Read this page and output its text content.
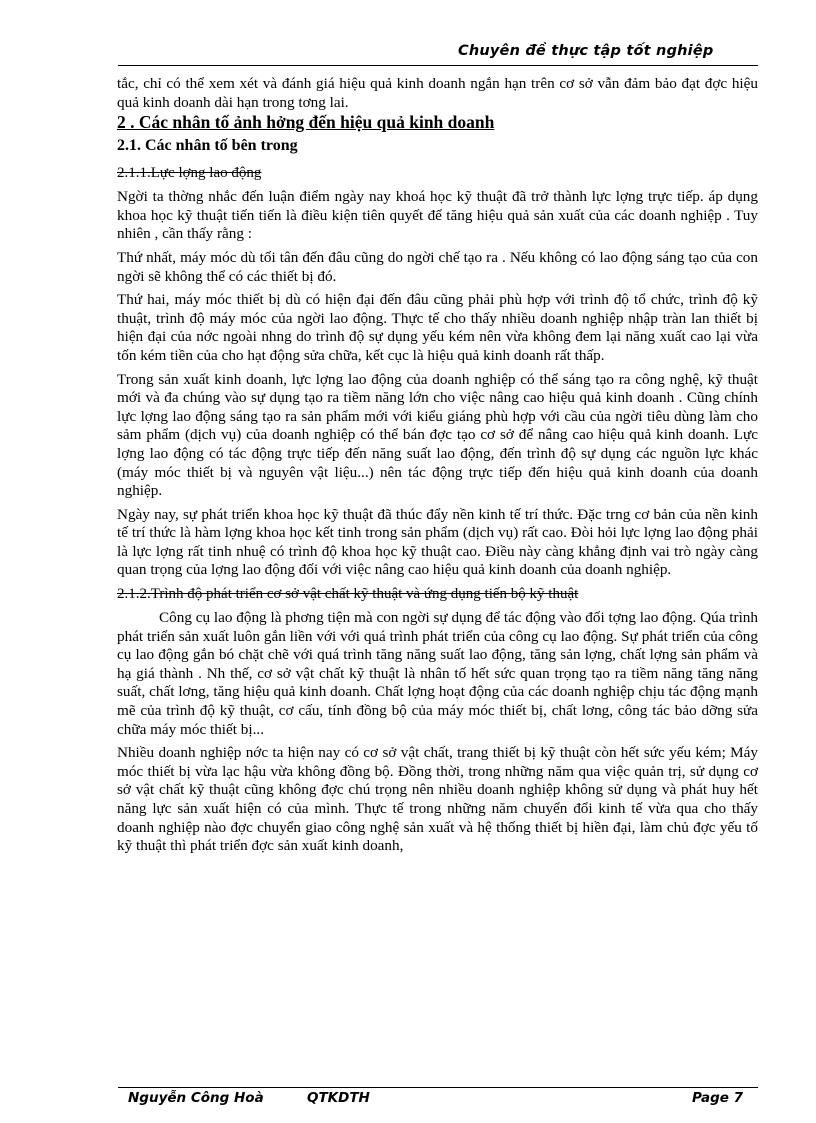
Chuyên đề thực tập tốt nghiệp

tắc, chỉ có thể xem xét và đánh giá hiệu quả kinh doanh ngắn hạn trên cơ sở vẫn đảm bảo đạt đợc hiệu quả kinh doanh dài hạn trong tơng lai.

2 . Các nhân tố ảnh hởng đến hiệu quả kinh doanh
2.1. Các nhân tố bên trong
2.1.1.Lực lợng lao động

Ngời ta thờng nhắc đến luận điểm ngày nay khoá học kỹ thuật đã trở thành lực lợng trực tiếp. áp dụng khoa học kỹ thuật tiến tiến là điều kiện tiên quyết để tăng hiệu quả sản xuất của các doanh nghiệp . Tuy nhiên , cần thấy rằng :

Thứ nhất, máy móc dù tối tân đến đâu cũng do ngời chế tạo ra . Nếu không có lao động sáng tạo của con ngời sẽ không thể có các thiết bị đó.

Thứ hai, máy móc thiết bị dù có hiện đại đến đâu cũng phải phù hợp với trình độ tổ chức, trình độ kỹ thuật, trình độ máy móc của ngời lao động. Thực tế cho thấy nhiều doanh nghiệp nhập tràn lan thiết bị hiện đại của nớc ngoài nhng do trình độ sự dụng yếu kém nên vừa không đem lại năng xuất cao lại vừa tốn kém tiền của cho hạt động sửa chữa, kết cục là hiệu quả kinh doanh rất thấp.

Trong sản xuất kinh doanh, lực lợng lao động của doanh nghiệp có thể sáng tạo ra công nghệ, kỹ thuật mới và đa chúng vào sự dụng tạo ra tiềm năng lớn cho việc nâng cao hiệu quả kinh doanh . Cũng chính lực lợng lao động sáng tạo ra sản phẩm mới với kiểu giáng phù hợp với cầu của ngời tiêu dùng làm cho sảm phẩm (dịch vụ) của doanh nghiệp có thể bán đợc tạo cơ sở để nâng cao hiệu quả kinh doanh. Lực lợng lao động có tác động trực tiếp đến năng suất lao động, đến trình độ sự dụng các nguồn lực khác (máy móc thiết bị và nguyên vật liệu...) nên tác động trực tiếp đến hiệu quả kinh doanh của doanh nghiệp.

Ngày nay, sự phát triển khoa học kỹ thuật đã thúc đẩy nền kinh tế trí thức. Đặc trng cơ bản của nền kinh tế trí thức là hàm lợng khoa học kết tinh trong sản phẩm (dịch vụ) rất cao. Đòi hỏi lực lợng lao động phải là lực lợng rất tinh nhuệ có trình độ khoa học kỹ thuật cao. Điều này càng khẳng định vai trò ngày càng quan trọng của lợng lao động đối với việc nâng cao hiệu quả kinh doanh của doanh nghiệp.

2.1.2.Trình độ phát triển cơ sở vật chất kỹ thuật và ứng dụng tiến bộ kỹ thuật

Công cụ lao động là phơng tiện mà con ngời sự dụng để tác động vào đối tợng lao động. Qúa trình phát triển sản xuất luôn gắn liền với với quá trình phát triển của công cụ lao động. Sự phát triển của công cụ lao động gắn bó chặt chẽ với quá trình tăng năng suất lao động, tăng sản lợng, chất lợng sản phẩm và hạ giá thành . Nh thế, cơ sở vật chất kỹ thuật là nhân tố hết sức quan trọng tạo ra tiềm năng tăng năng suất, chất lơng, tăng hiệu quả kinh doanh. Chất lợng hoạt động của các doanh nghiệp chịu tác động mạnh mẽ của trình độ kỹ thuật, cơ cấu, tính đồng bộ của máy móc thiết bị, chất lơng, công tác bảo dỡng sửa chữa máy móc thiết bị...

Nhiều doanh nghiệp nớc ta hiện nay có cơ sở vật chất, trang thiết bị kỹ thuật còn hết sức yếu kém; Máy móc thiết bị vừa lạc hậu vừa không đồng bộ. Đồng thời, trong những năm qua việc quản trị, sử dụng cơ sở vật chất kỹ thuật cũng không đợc chú trọng nên nhiều doanh nghiệp không sử dụng và phát huy hết năng lực sản xuất hiện có của mình. Thực tế trong những năm chuyển đổi kinh tế vừa qua cho thấy doanh nghiệp nào đợc chuyển giao công nghệ sản xuất và hệ thống thiết bị hiền đại, làm chủ đợc yếu tố kỹ thuật thì phát triển đợc sản xuất kinh doanh,

Nguyễn Công Hoà	QTKDTH	Page 7
